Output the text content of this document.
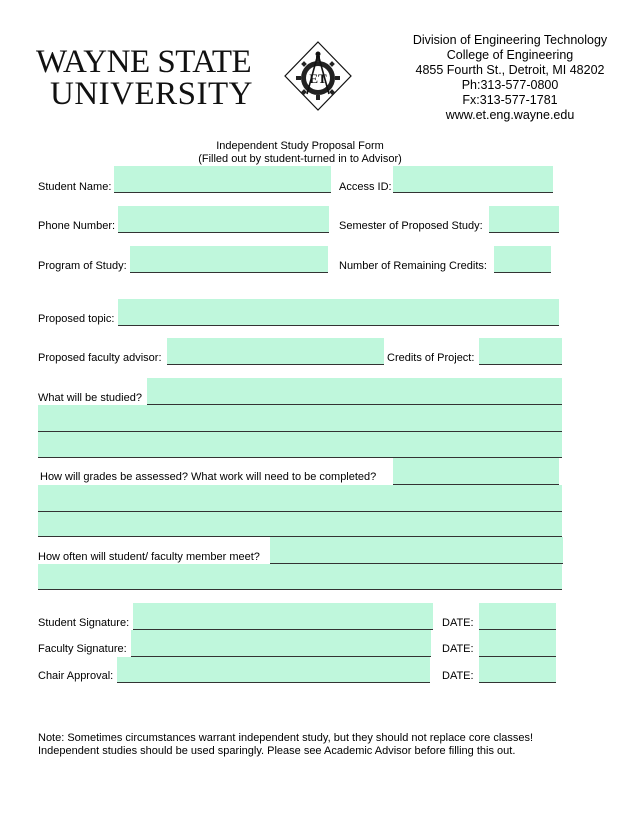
WAYNE STATE
UNIVERSITY	ET
Division of Engineering Technology
College of Engineering
4855 Fourth St., Detroit, MI 48202
Ph:313-577-0800
Fx:313-577-1781
www.et.eng.wayne.edu
Independent Study Proposal Form
(Filled out by student-turned in to Advisor)
Student Name:	Access ID:
Phone Number:	Semester of Proposed Study:
Program of Study:	Number of Remaining Credits:
Proposed topic:
Proposed faculty advisor:	Credits of Project:
What will be studied?
How will grades be assessed? What work will need to be completed?
How often will student/ faculty member meet?
Student Signature:	DATE:
Faculty Signature:	DATE:
Chair Approval:	DATE:
Note: Sometimes circumstances warrant independent study, but they should not replace core classes!
Independent studies should be used sparingly. Please see Academic Advisor before filling this out.
